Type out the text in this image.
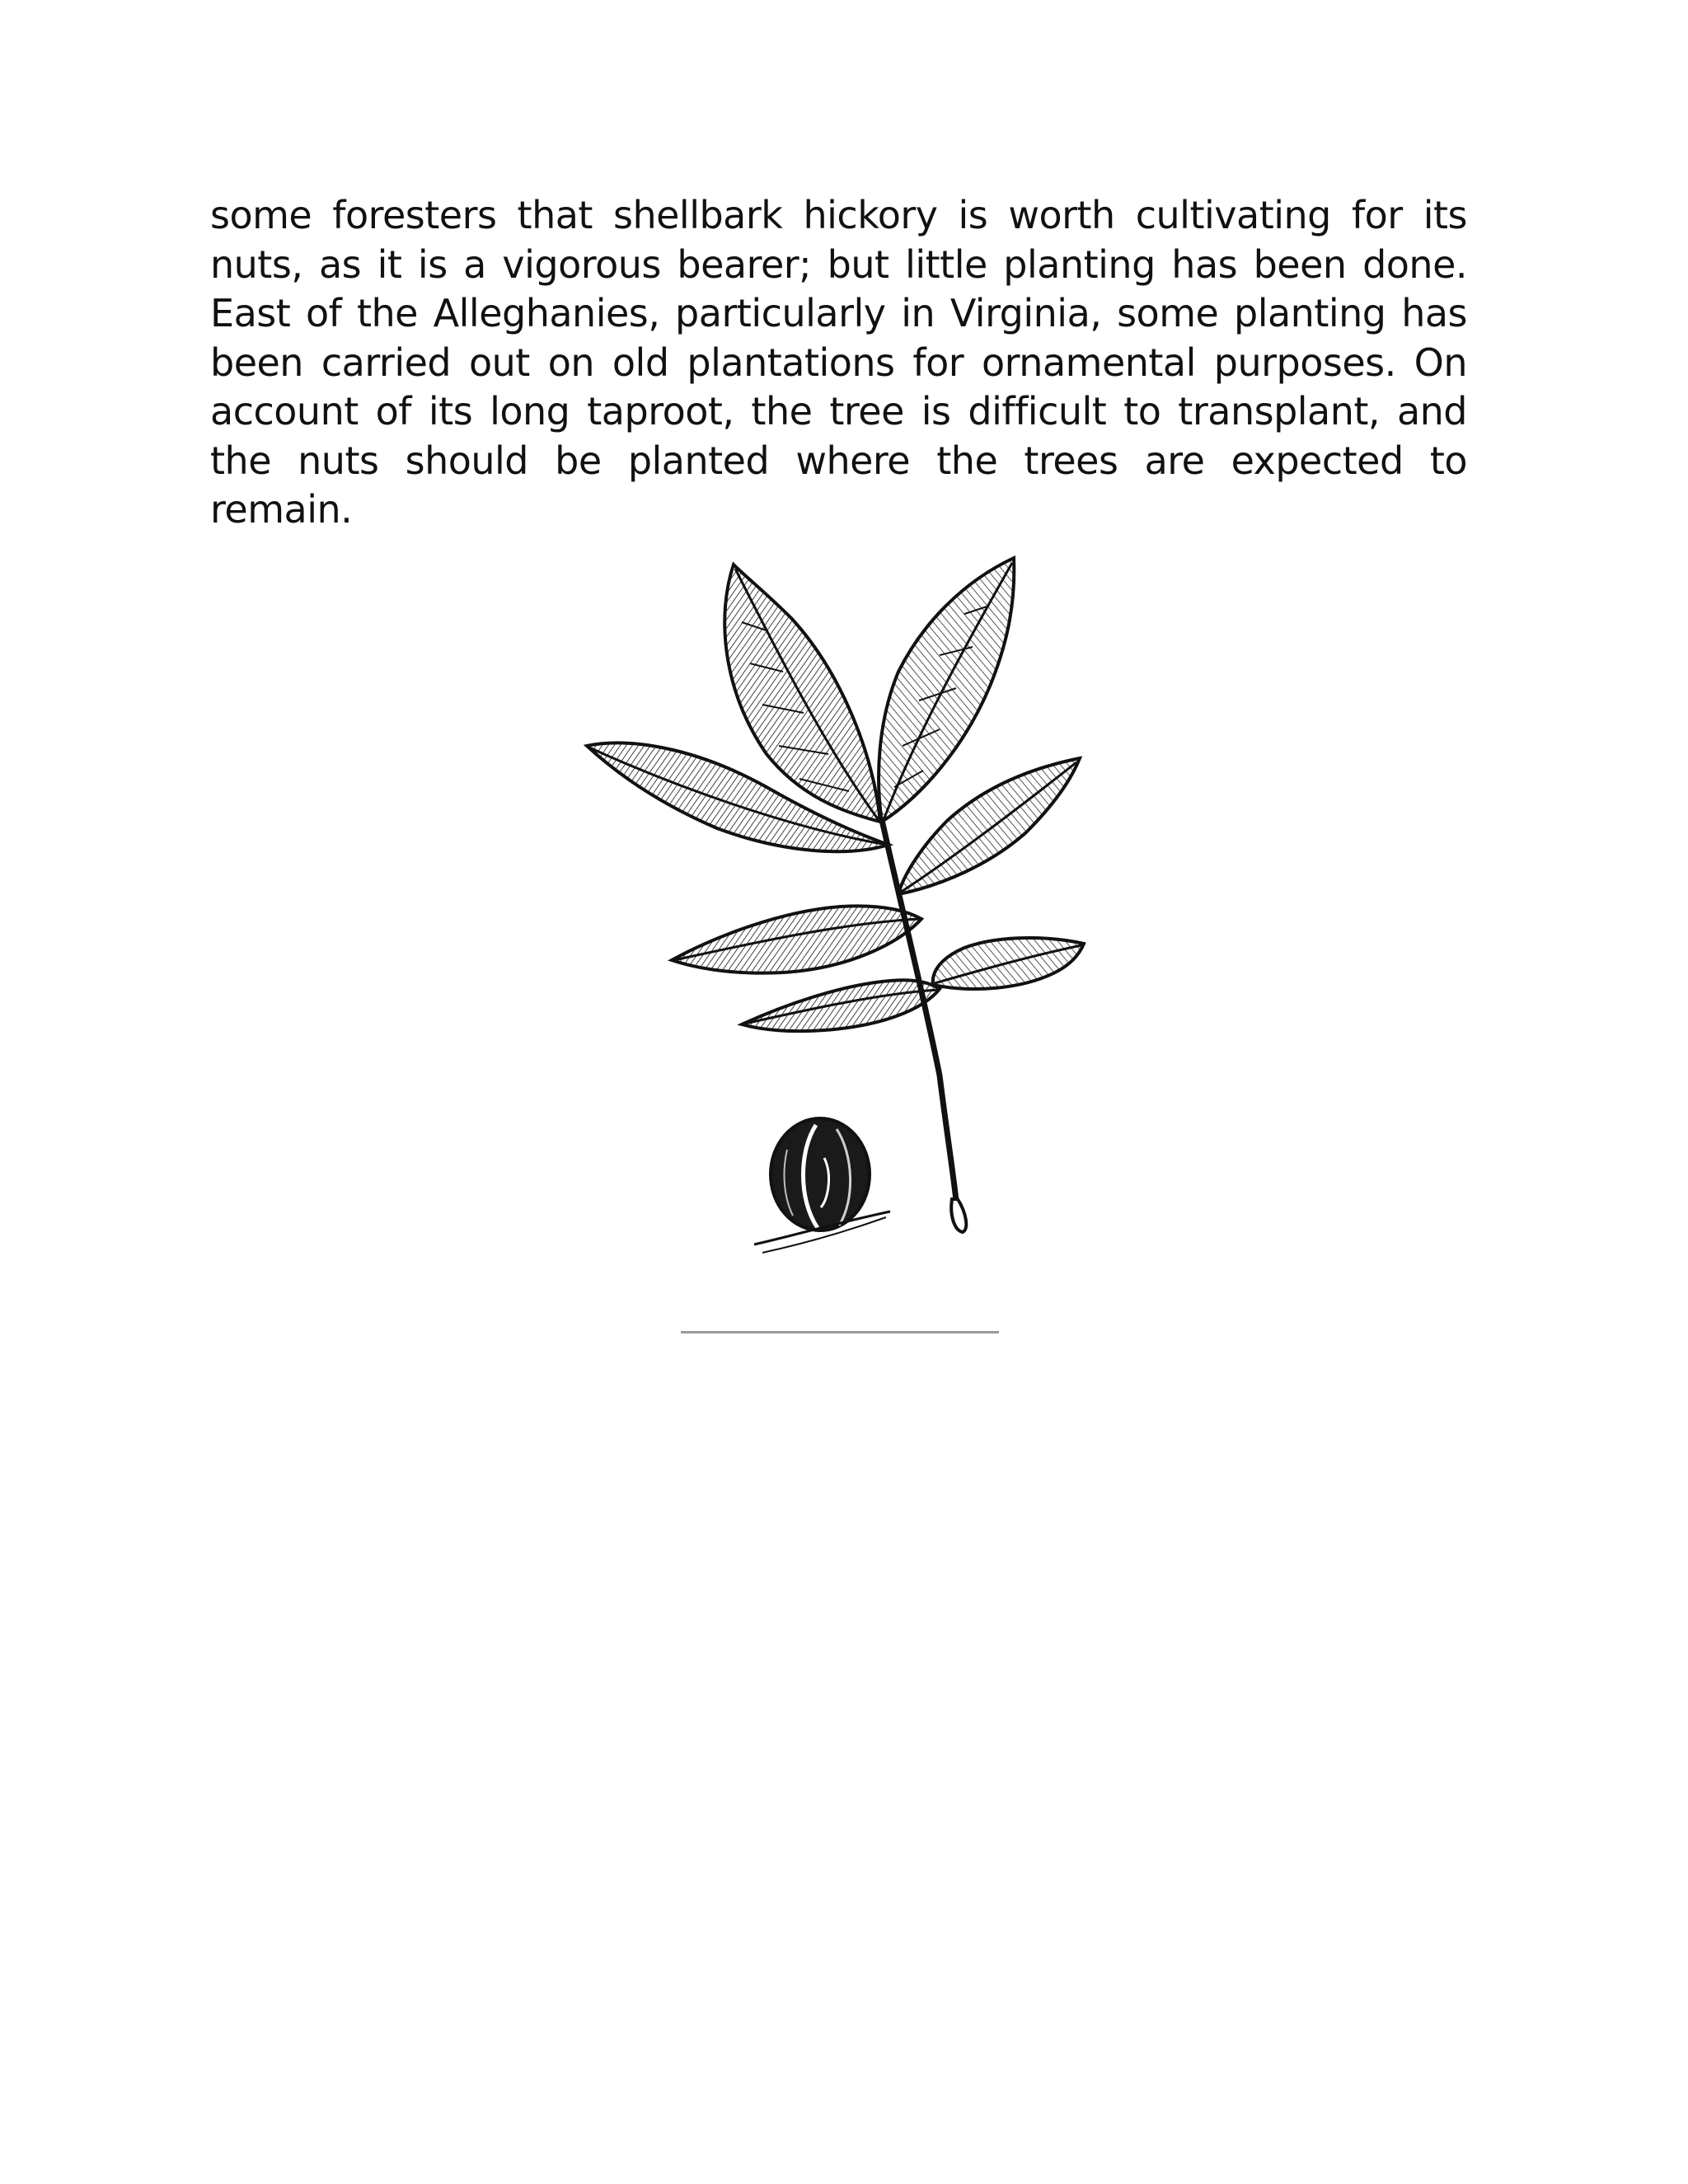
some foresters that shellbark hickory is worth cultivating for its nuts, as it is a vigorous bearer; but little planting has been done. East of the Alleghanies, particularly in Virginia, some planting has been carried out on old plantations for ornamental purposes. On account of its long taproot, the tree is difficult to transplant, and the nuts should be planted where the trees are expected to remain.
